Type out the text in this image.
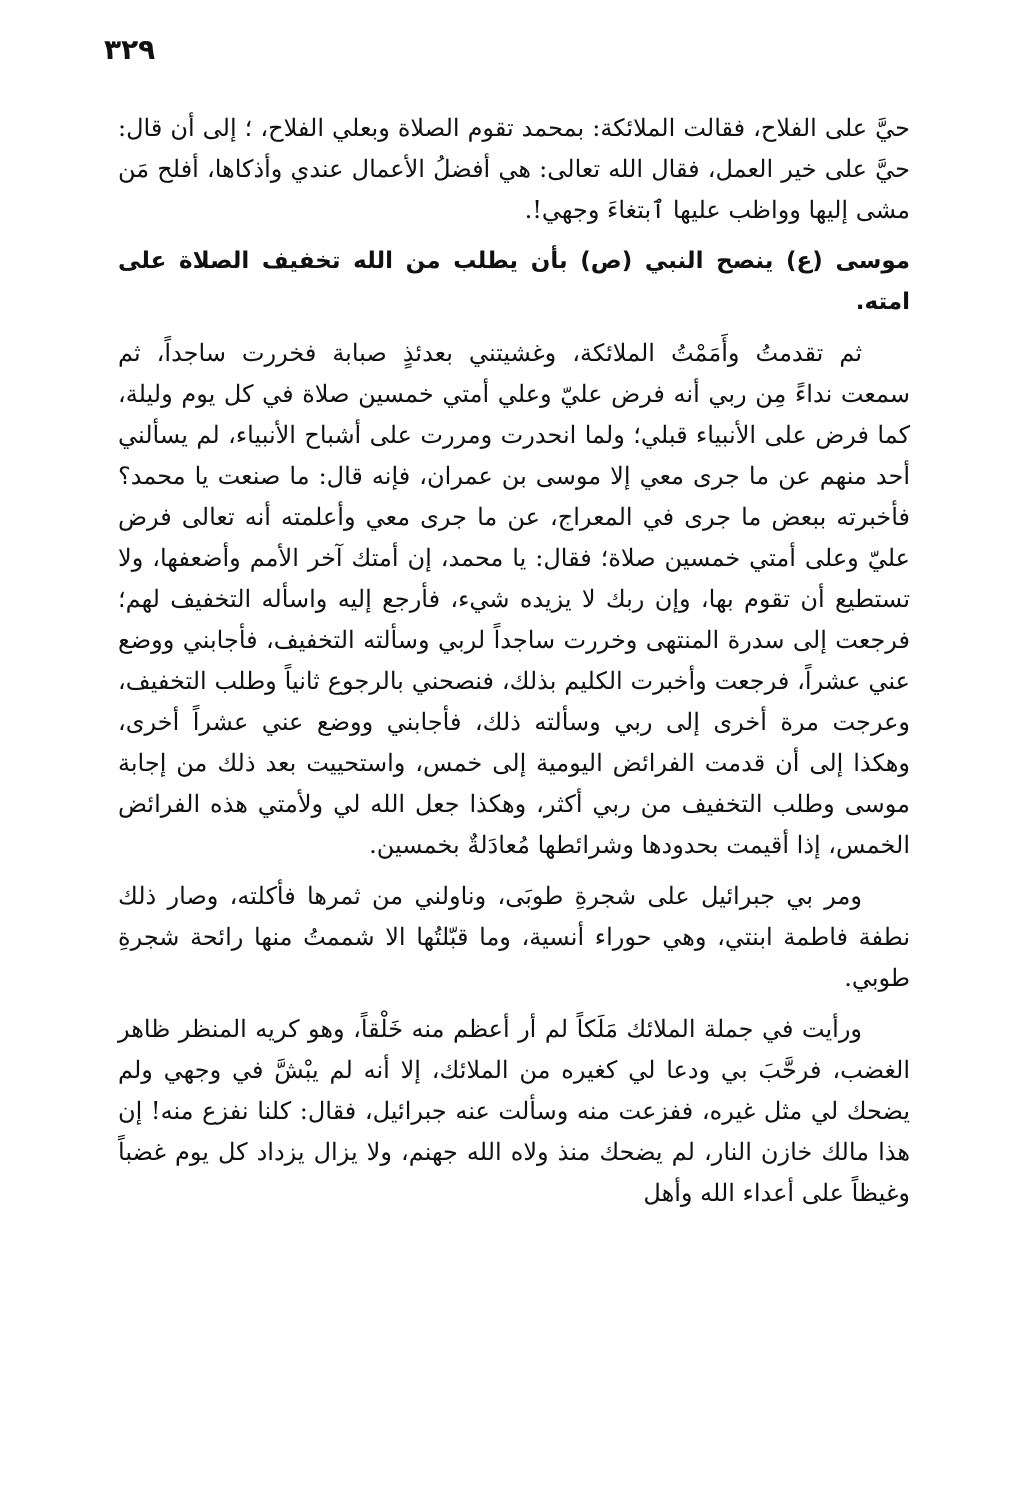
٣٢٩

حيَّ على الفلاح، فقالت الملائكة: بمحمد تقوم الصلاة وبعلي الفلاح، ؛ إلى أن قال: حيَّ على خير العمل، فقال الله تعالى: هي أفضلُ الأعمال عندي وأذكاها، أفلح مَن مشى إليها وواظب عليها ٱبتغاءَ وجهي!.

موسى (ع) ينصح النبي (ص) بأن يطلب من الله تخفيف الصلاة على امته.

ثم تقدمتُ وأَمَمْتُ الملائكة، وغشيتني بعدئذٍ صبابة فخررت ساجداً، ثم سمعت نداءً مِن ربي أنه فرض عليّ وعلي أمتي خمسين صلاة في كل يوم وليلة، كما فرض على الأنبياء قبلي؛ ولما انحدرت ومررت على أشباح الأنبياء، لم يسألني أحد منهم عن ما جرى معي إلا موسى بن عمران، فإنه قال: ما صنعت يا محمد؟ فأخبرته ببعض ما جرى في المعراج، عن ما جرى معي وأعلمته أنه تعالى فرض عليّ وعلى أمتي خمسين صلاة؛ فقال: يا محمد، إن أمتك آخر الأمم وأضعفها، ولا تستطيع أن تقوم بها، وإن ربك لا يزيده شيء، فأرجع إليه واسأله التخفيف لهم؛ فرجعت إلى سدرة المنتهى وخررت ساجداً لربي وسألته التخفيف، فأجابني ووضع عني عشراً، فرجعت وأخبرت الكليم بذلك، فنصحني بالرجوع ثانياً وطلب التخفيف، وعرجت مرة أخرى إلى ربي وسألته ذلك، فأجابني ووضع عني عشراً أخرى، وهكذا إلى أن قدمت الفرائض اليومية إلى خمس، واستحييت بعد ذلك من إجابة موسى وطلب التخفيف من ربي أكثر، وهكذا جعل الله لي ولأمتي هذه الفرائض الخمس، إذا أقيمت بحدودها وشرائطها مُعادَلةٌ بخمسين.

ومر بي جبرائيل على شجرةِ طوبَى، وناولني من ثمرها فأكلته، وصار ذلك نطفة فاطمة ابنتي، وهي حوراء أنسية، وما قبّلتُها الا شممتُ منها رائحة شجرةِ طوبي.

ورأيت في جملة الملائك مَلَكاً لم أر أعظم منه خَلْقاً، وهو كريه المنظر ظاهر الغضب، فرحَّبَ بي ودعا لي كغيره من الملائك، إلا أنه لم يبْشَّ في وجهي ولم يضحك لي مثل غيره، ففزعت منه وسألت عنه جبرائيل، فقال: كلنا نفزع منه! إن هذا مالك خازن النار، لم يضحك منذ ولاه الله جهنم، ولا يزال يزداد كل يوم غضباً وغيظاً على أعداء الله وأهل
